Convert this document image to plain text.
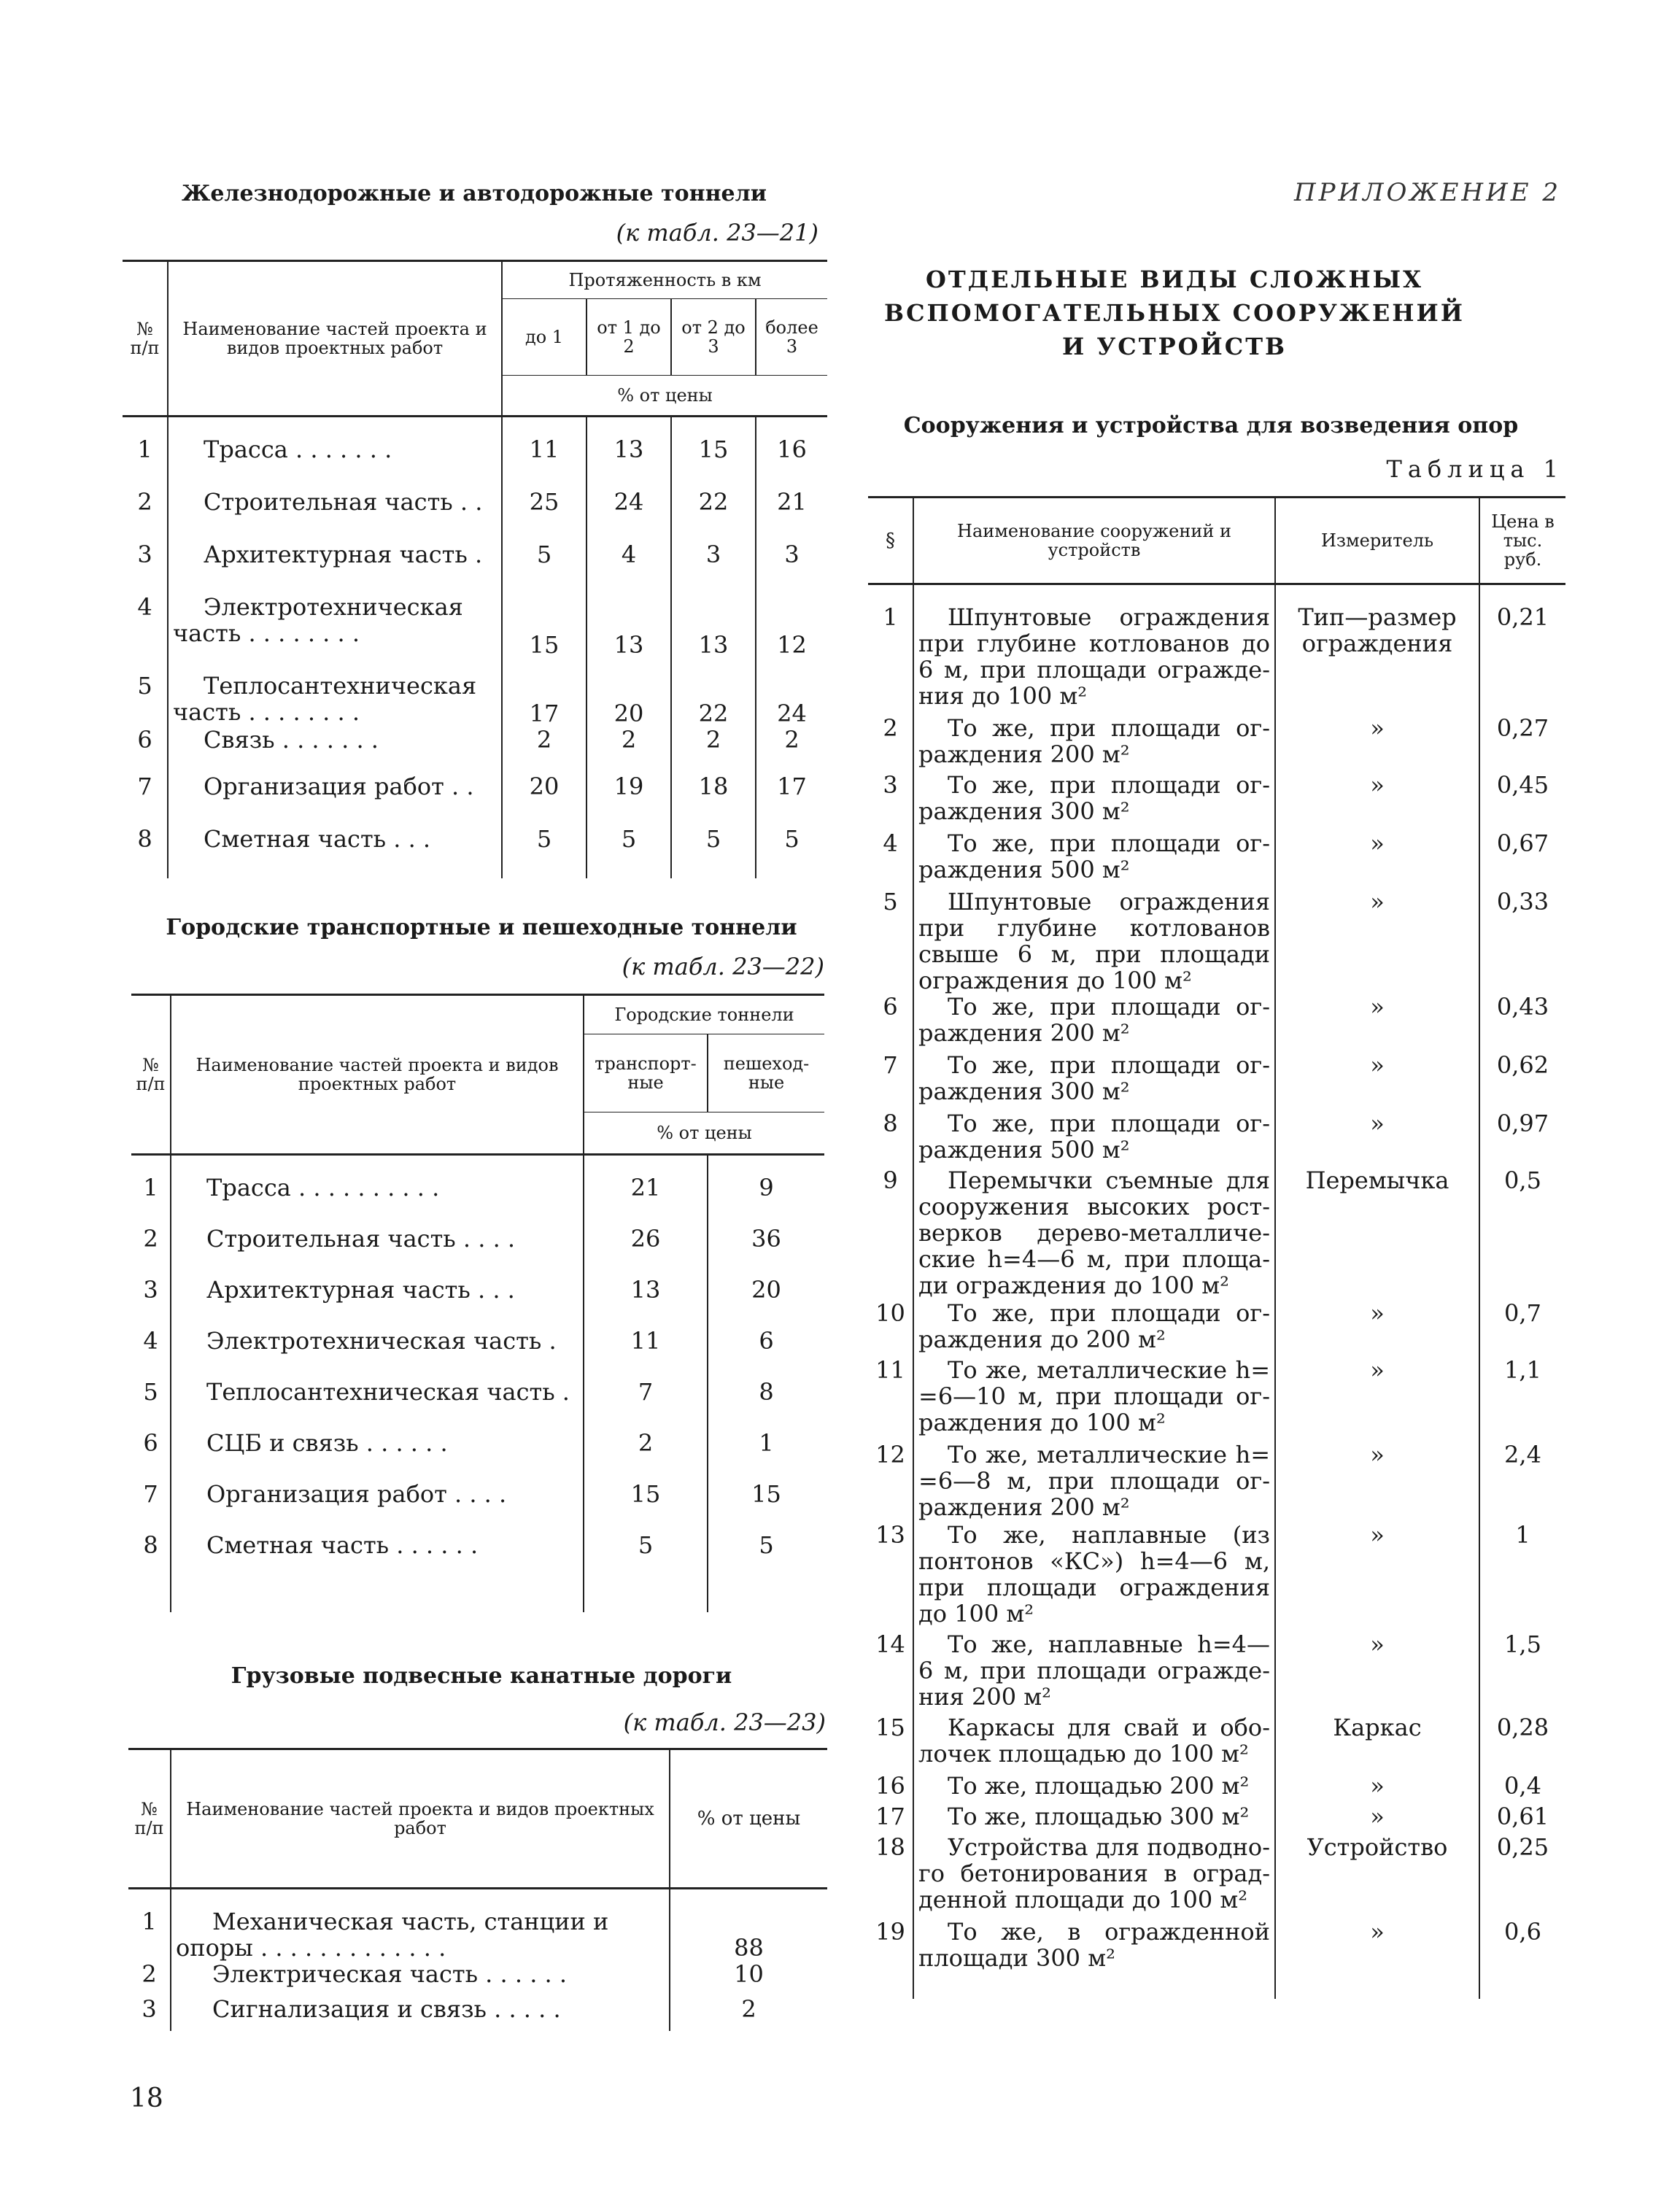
Железнодорожные и автодорожные тоннели
(к табл. 23—21)
№ п/п	Наименование частей проекта и видов проектных работ	Протяженность в км			
		до 1	от 1 до 2	от 2 до 3	более 3
		% от цены			

1	Трасса . . . . . . .	11	13	15	16
2	Строительная часть . .	25	24	22	21
3	Архитектурная часть .	5	4	3	3
4	Электротехническая часть . . . . . . . .	15	13	13	12
5	Теплосантехническая часть . . . . . . . .	17	20	22	24
6	Связь . . . . . . .	2	2	2	2
7	Организация работ . .	20	19	18	17
8	Сметная часть . . .	5	5	5	5
Городские транспортные и пешеходные тоннели
(к табл. 23—22)
№ п/п	Наименование частей проекта и видов проектных работ	Городские тоннели	
		транспорт-ные	пешеход-ные
		% от цены	

1	Трасса . . . . . . . . . .	21	9
2	Строительная часть . . . .	26	36
3	Архитектурная часть . . .	13	20
4	Электротехническая часть .	11	6
5	Теплосантехническая часть .	7	8
6	СЦБ и связь . . . . . .	2	1
7	Организация работ . . . .	15	15
8	Сметная часть . . . . . .	5	5

Грузовые подвесные канатные дороги
(к табл. 23—23)
№ п/п	Наименование частей проекта и видов проектных работ	% от цены

1	Механическая часть, станции и опоры . . . . . . . . . . . . .	88
2	Электрическая часть . . . . . .	10
3	Сигнализация и связь . . . . .	2
18
ПРИЛОЖЕНИЕ 2
ОТДЕЛЬНЫЕ ВИДЫ СЛОЖНЫХ
ВСПОМОГАТЕЛЬНЫХ СООРУЖЕНИЙ
И УСТРОЙСТВ
Сооружения и устройства для возведения опор
Таблица 1
§	Наименование сооружений и устройств	Измеритель	Цена в тыс. руб.

1	Шпунтовые ограждения при глубине котлованов до 6 м, при площади ограждения до 100 м²	Тип—размер ограждения	0,21
2	То же, при площади ограждения 200 м²	»	0,27
3	То же, при площади ограждения 300 м²	»	0,45
4	То же, при площади ограждения 500 м²	»	0,67
5	Шпунтовые ограждения при глубине котлованов свыше 6 м, при площади ограждения до 100 м²	»	0,33
6	То же, при площади ограждения 200 м²	»	0,43
7	То же, при площади ограждения 300 м²	»	0,62
8	То же, при площади ограждения 500 м²	»	0,97
9	Перемычки съемные для сооружения высоких ростверков дерево-металлические h=4—6 м, при площади ограждения до 100 м²	Перемычка	0,5
10	То же, при площади ограждения до 200 м²	»	0,7
11	То же, металлические h= =6—10 м, при площади ограждения до 100 м²	»	1,1
12	То же, металлические h= =6—8 м, при площади ограждения 200 м²	»	2,4
13	То же, наплавные (из понтонов «КС») h=4—6 м, при площади ограждения до 100 м²	»	1
14	То же, наплавные h=4— 6 м, при площади ограждения 200 м²	»	1,5
15	Каркасы для свай и оболочек площадью до 100 м²	Каркас	0,28
16	То же, площадью 200 м²	»	0,4
17	То же, площадью 300 м²	»	0,61
18	Устройства для подводного бетонирования в оградденной площади до 100 м²	Устройство	0,25
19	То же, в огражденной площади 300 м²	»	0,6
